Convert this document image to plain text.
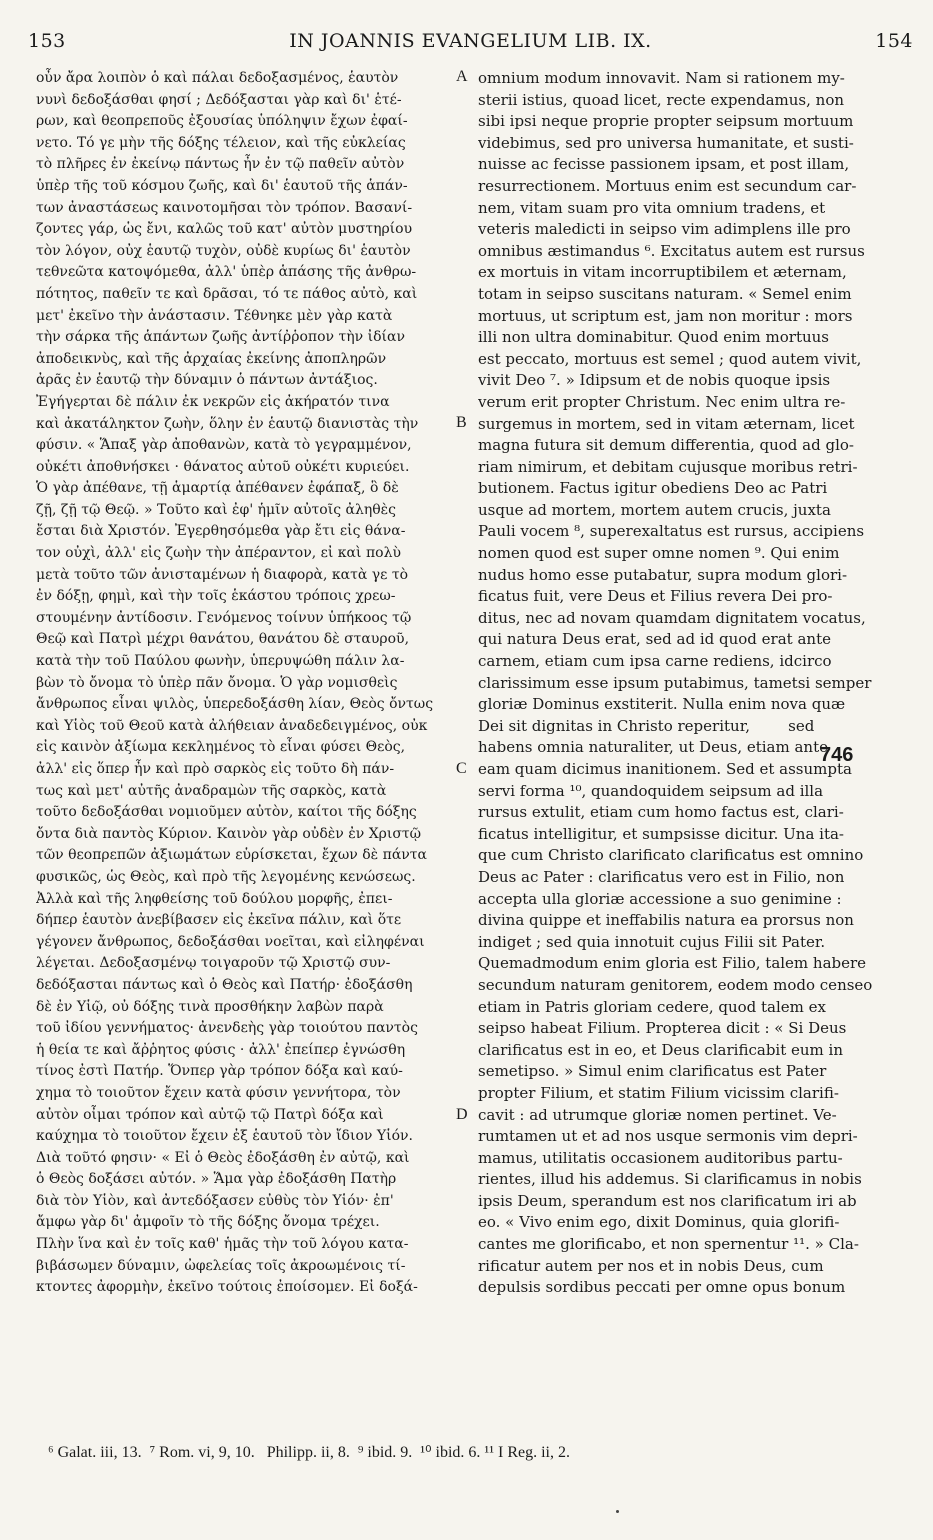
153	IN JOANNIS EVANGELIUM LIB. IX.	154
οὖν ἄρα λοιπὸν ὁ καὶ πάλαι δεδοξασμένος, ἑαυτὸν
νυνὶ δεδοξάσθαι φησί ; Δεδόξασται γὰρ καὶ δι' ἑτέ-
ρων, καὶ θεοπρεποῦς ἐξουσίας ὑπόληψιν ἔχων ἐφαί-
νετο. Τό γε μὴν τῆς δόξης τέλειον, καὶ τῆς εὐκλείας
τὸ πλῆρες ἐν ἐκείνῳ πάντως ἦν ἐν τῷ παθεῖν αὐτὸν
ὑπὲρ τῆς τοῦ κόσμου ζωῆς, καὶ δι' ἑαυτοῦ τῆς ἁπάν-
των ἀναστάσεως καινοτομῆσαι τὸν τρόπον. Βασανί-
ζοντες γάρ, ὡς ἔνι, καλῶς τοῦ κατ' αὐτὸν μυστηρίου
τὸν λόγον, οὐχ ἑαυτῷ τυχὸν, οὐδὲ κυρίως δι' ἑαυτὸν
τεθνεῶτα κατοψόμεθα, ἀλλ' ὑπὲρ ἁπάσης τῆς ἀνθρω-
πότητος, παθεῖν τε καὶ δρᾶσαι, τό τε πάθος αὐτὸ, καὶ
μετ' ἐκεῖνο τὴν ἀνάστασιν. Τέθνηκε μὲν γὰρ κατὰ
τὴν σάρκα τῆς ἁπάντων ζωῆς ἀντίῤῥοπον τὴν ἰδίαν
ἀποδεικνὺς, καὶ τῆς ἀρχαίας ἐκείνης ἀποπληρῶν
ἀρᾶς ἐν ἑαυτῷ τὴν δύναμιν ὁ πάντων ἀντάξιος.
Ἐγήγερται δὲ πάλιν ἐκ νεκρῶν εἰς ἀκήρατόν τινα
καὶ ἀκατάληκτον ζωὴν, ὅλην ἐν ἑαυτῷ διανιστὰς τὴν
φύσιν. « Ἅπαξ γὰρ ἀποθανὼν, κατὰ τὸ γεγραμμένον,
οὐκέτι ἀποθνήσκει · θάνατος αὐτοῦ οὐκέτι κυριεύει.
Ὁ γὰρ ἀπέθανε, τῇ ἁμαρτίᾳ ἀπέθανεν ἐφάπαξ, ὃ δὲ
ζῇ, ζῇ τῷ Θεῷ. » Τοῦτο καὶ ἐφ' ἡμῖν αὐτοῖς ἀληθὲς
ἔσται διὰ Χριστόν. Ἐγερθησόμεθα γὰρ ἔτι εἰς θάνα-
τον οὐχὶ, ἀλλ' εἰς ζωὴν τὴν ἀπέραντον, εἰ καὶ πολὺ
μετὰ τοῦτο τῶν ἀνισταμένων ἡ διαφορὰ, κατὰ γε τὸ
ἐν δόξῃ, φημὶ, καὶ τὴν τοῖς ἑκάστου τρόποις χρεω-
στουμένην ἀντίδοσιν. Γενόμενος τοίνυν ὑπήκοος τῷ
Θεῷ καὶ Πατρὶ μέχρι θανάτου, θανάτου δὲ σταυροῦ,
κατὰ τὴν τοῦ Παύλου φωνὴν, ὑπερυψώθη πάλιν λα-
βὼν τὸ ὄνομα τὸ ὑπὲρ πᾶν ὄνομα. Ὁ γὰρ νομισθεὶς
ἄνθρωπος εἶναι ψιλὸς, ὑπερεδοξάσθη λίαν, Θεὸς ὄντως
καὶ Υἱὸς τοῦ Θεοῦ κατὰ ἀλήθειαν ἀναδεδειγμένος, οὐκ
εἰς καινὸν ἀξίωμα κεκλημένος τὸ εἶναι φύσει Θεὸς,
ἀλλ' εἰς ὅπερ ἦν καὶ πρὸ σαρκὸς εἰς τοῦτο δὴ πάν-
τως καὶ μετ' αὐτῆς ἀναδραμὼν τῆς σαρκὸς, κατὰ
τοῦτο δεδοξάσθαι νομιοῦμεν αὐτὸν, καίτοι τῆς δόξης
ὄντα διὰ παντὸς Κύριον. Καινὸν γὰρ οὐδὲν ἐν Χριστῷ
τῶν θεοπρεπῶν ἀξιωμάτων εὑρίσκεται, ἔχων δὲ πάντα
φυσικῶς, ὡς Θεὸς, καὶ πρὸ τῆς λεγομένης κενώσεως.
Ἀλλὰ καὶ τῆς ληφθείσης τοῦ δούλου μορφῆς, ἐπει-
δήπερ ἑαυτὸν ἀνεβίβασεν εἰς ἐκεῖνα πάλιν, καὶ ὅτε
γέγονεν ἄνθρωπος, δεδοξάσθαι νοεῖται, καὶ εἰληφέναι
λέγεται. Δεδοξασμένῳ τοιγαροῦν τῷ Χριστῷ συν-
δεδόξασται πάντως καὶ ὁ Θεὸς καὶ Πατήρ· ἐδοξάσθη
δὲ ἐν Υἱῷ, οὐ δόξης τινὰ προσθήκην λαβὼν παρὰ
τοῦ ἰδίου γεννήματος· ἀνενδεὴς γὰρ τοιούτου παντὸς
ἡ θεία τε καὶ ἄῤῥητος φύσις · ἀλλ' ἐπείπερ ἐγνώσθη
τίνος ἐστὶ Πατήρ. Ὅνπερ γὰρ τρόπον δόξα καὶ καύ-
χημα τὸ τοιοῦτον ἔχειν κατὰ φύσιν γεννήτορα, τὸν
αὐτὸν οἶμαι τρόπον καὶ αὐτῷ τῷ Πατρὶ δόξα καὶ
καύχημα τὸ τοιοῦτον ἔχειν ἐξ ἑαυτοῦ τὸν ἴδιον Υἱόν.
Διὰ τοῦτό φησιν· « Εἰ ὁ Θεὸς ἐδοξάσθη ἐν αὐτῷ, καὶ
ὁ Θεὸς δοξάσει αὐτόν. » Ἅμα γὰρ ἐδοξάσθη Πατὴρ
διὰ τὸν Υἱὸν, καὶ ἀντεδόξασεν εὐθὺς τὸν Υἱόν· ἐπ'
ἄμφω γὰρ δι' ἀμφοῖν τὸ τῆς δόξης ὄνομα τρέχει.
Πλὴν ἵνα καὶ ἐν τοῖς καθ' ἡμᾶς τὴν τοῦ λόγου κατα-
βιβάσωμεν δύναμιν, ὠφελείας τοῖς ἀκροωμένοις τί-
κτοντες ἀφορμὴν, ἐκεῖνο τούτοις ἐποίσομεν. Εἰ δοξά-
omnium modum innovavit. Nam si rationem my-
sterii istius, quoad licet, recte expendamus, non
sibi ipsi neque proprie propter seipsum mortuum
videbimus, sed pro universa humanitate, et susti-
nuisse ac fecisse passionem ipsam, et post illam,
resurrectionem. Mortuus enim est secundum car-
nem, vitam suam pro vita omnium tradens, et
veteris maledicti in seipso vim adimplens ille pro
omnibus æstimandus ⁶. Excitatus autem est rursus
ex mortuis in vitam incorruptibilem et æternam,
totam in seipso suscitans naturam. « Semel enim
mortuus, ut scriptum est, jam non moritur : mors
illi non ultra dominabitur. Quod enim mortuus
est peccato, mortuus est semel ; quod autem vivit,
vivit Deo ⁷. » Idipsum et de nobis quoque ipsis
verum erit propter Christum. Nec enim ultra re-
surgemus in mortem, sed in vitam æternam, licet
magna futura sit demum differentia, quod ad glo-
riam nimirum, et debitam cujusque moribus retri-
butionem. Factus igitur obediens Deo ac Patri
usque ad mortem, mortem autem crucis, juxta
Pauli vocem ⁸, superexaltatus est rursus, accipiens
nomen quod est super omne nomen ⁹. Qui enim
nudus homo esse putabatur, supra modum glori-
ficatus fuit, vere Deus et Filius revera Dei pro-
ditus, nec ad novam quamdam dignitatem vocatus,
qui natura Deus erat, sed ad id quod erat ante
carnem, etiam cum ipsa carne rediens, idcirco
clarissimum esse ipsum putabimus, tametsi semper
gloriæ Dominus exstiterit. Nulla enim nova quæ
Dei sit dignitas in Christo reperitur,        sed
habens omnia naturaliter, ut Deus, etiam ante
eam quam dicimus inanitionem. Sed et assumpta
servi forma ¹⁰, quandoquidem seipsum ad illa
rursus extulit, etiam cum homo factus est, clari-
ficatus intelligitur, et sumpsisse dicitur. Una ita-
que cum Christo clarificato clarificatus est omnino
Deus ac Pater : clarificatus vero est in Filio, non
accepta ulla gloriæ accessione a suo genimine :
divina quippe et ineffabilis natura ea prorsus non
indiget ; sed quia innotuit cujus Filii sit Pater.
Quemadmodum enim gloria est Filio, talem habere
secundum naturam genitorem, eodem modo censeo
etiam in Patris gloriam cedere, quod talem ex
seipso habeat Filium. Propterea dicit : « Si Deus
clarificatus est in eo, et Deus clarificabit eum in
semetipso. » Simul enim clarificatus est Pater
propter Filium, et statim Filium vicissim clarifi-
cavit : ad utrumque gloriæ nomen pertinet. Ve-
rumtamen ut et ad nos usque sermonis vim depri-
mamus, utilitatis occasionem auditoribus partu-
rientes, illud his addemus. Si clarificamus in nobis
ipsis Deum, sperandum est nos clarificatum iri ab
eo. « Vivo enim ego, dixit Dominus, quia glorifi-
cantes me glorificabo, et non spernentur ¹¹. » Cla-
rificatur autem per nos et in nobis Deus, cum
depulsis sordibus peccati per omne opus bonum
A
B
C
D
746
⁶ Galat. iii, 13.  ⁷ Rom. vi, 9, 10.   Philipp. ii, 8.  ⁹ ibid. 9.  ¹⁰ ibid. 6. ¹¹ I Reg. ii, 2.
